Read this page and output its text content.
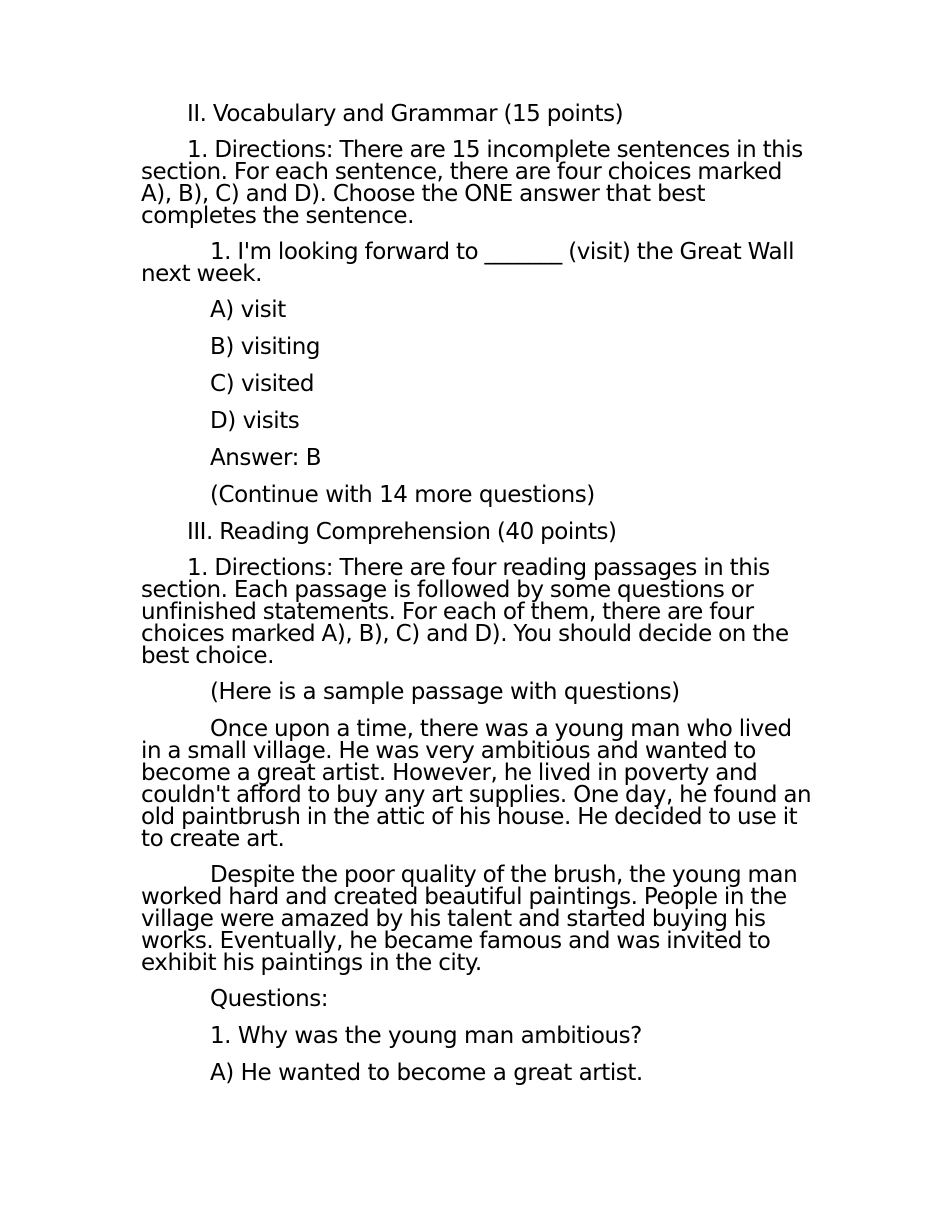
II. Vocabulary and Grammar (15 points)

1. Directions: There are 15 incomplete sentences in this section. For each sentence, there are four choices marked A), B), C) and D). Choose the ONE answer that best completes the sentence.

1. I'm looking forward to _______ (visit) the Great Wall next week.

A) visit

B) visiting

C) visited

D) visits

Answer: B

(Continue with 14 more questions)

III. Reading Comprehension (40 points)

1. Directions: There are four reading passages in this section. Each passage is followed by some questions or unfinished statements. For each of them, there are four choices marked A), B), C) and D). You should decide on the best choice.

(Here is a sample passage with questions)

Once upon a time, there was a young man who lived in a small village. He was very ambitious and wanted to become a great artist. However, he lived in poverty and couldn't afford to buy any art supplies. One day, he found an old paintbrush in the attic of his house. He decided to use it to create art.

Despite the poor quality of the brush, the young man worked hard and created beautiful paintings. People in the village were amazed by his talent and started buying his works. Eventually, he became famous and was invited to exhibit his paintings in the city.

Questions:

1. Why was the young man ambitious?

A) He wanted to become a great artist.
